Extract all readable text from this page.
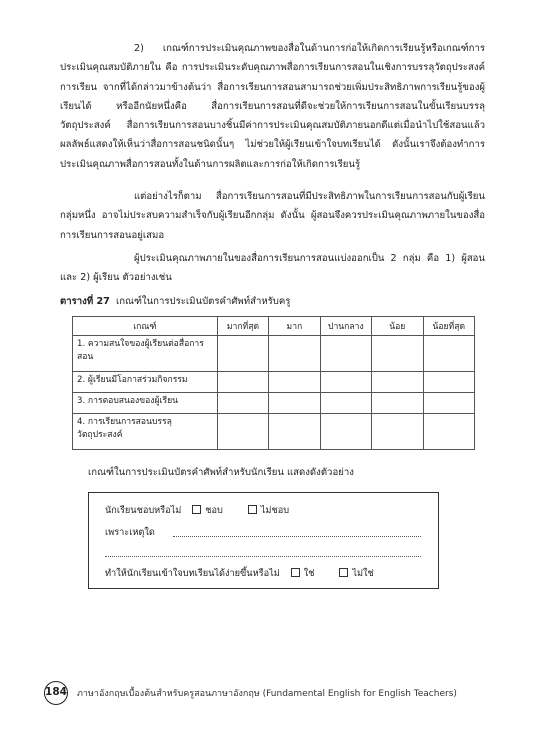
2) เกณฑ์การประเมินคุณภาพของสื่อในด้านการก่อให้เกิดการเรียนรู้หรือเกณฑ์การประเมินคุณสมบัติภายใน คือ การประเมินระดับคุณภาพสื่อการเรียนการสอนในเชิงการบรรลุวัตถุประสงค์การเรียน จากที่ได้กล่าวมาข้างต้นว่า สื่อการเรียนการสอนสามารถช่วยเพิ่มประสิทธิภาพการเรียนรู้ของผู้เรียนได้ หรืออีกนัยหนึ่งคือ สื่อการเรียนการสอนที่ดีจะช่วยให้การเรียนการสอนในขั้นเรียนบรรลุวัตถุประสงค์ สื่อการเรียนการสอนบางชิ้นมีค่าการประเมินคุณสมบัติภายนอกดีแต่เมื่อนำไปใช้สอนแล้ว ผลลัพธ์แสดงให้เห็นว่าสื่อการสอนชนิดนั้นๆ ไม่ช่วยให้ผู้เรียนเข้าใจบทเรียนได้ ดังนั้นเราจึงต้องทำการประเมินคุณภาพสื่อการสอนทั้งในด้านการผลิตและการก่อให้เกิดการเรียนรู้

แต่อย่างไรก็ตาม สื่อการเรียนการสอนที่มีประสิทธิภาพในการเรียนการสอนกับผู้เรียนกลุ่มหนึ่ง อาจไม่ประสบความสำเร็จกับผู้เรียนอีกกลุ่ม ดังนั้น ผู้สอนจึงควรประเมินคุณภาพภายในของสื่อการเรียนการสอนอยู่เสมอ

ผู้ประเมินคุณภาพภายในของสื่อการเรียนการสอนแบ่งออกเป็น 2 กลุ่ม คือ 1) ผู้สอนและ 2) ผู้เรียน ตัวอย่างเช่น

ตารางที่ 27 เกณฑ์ในการประเมินบัตรคำศัพท์สำหรับครู
เกณฑ์	มากที่สุด	มาก	ปานกลาง	น้อย	น้อยที่สุด
1. ความสนใจของผู้เรียนต่อสื่อการสอน					
2. ผู้เรียนมีโอกาสร่วมกิจกรรม					
3. การตอบสนองของผู้เรียน					
4. การเรียนการสอนบรรลุวัตถุประสงค์					
เกณฑ์ในการประเมินบัตรคำศัพท์สำหรับนักเรียน แสดงดังตัวอย่าง
นักเรียนชอบหรือไม่	ชอบ	ไม่ชอบ
เพราะเหตุใด
ทำให้นักเรียนเข้าใจบทเรียนได้ง่ายขึ้นหรือไม่	ใช่	ไม่ใช่
184 ภาษาอังกฤษเบื้องต้นสำหรับครูสอนภาษาอังกฤษ (Fundamental English for English Teachers)
